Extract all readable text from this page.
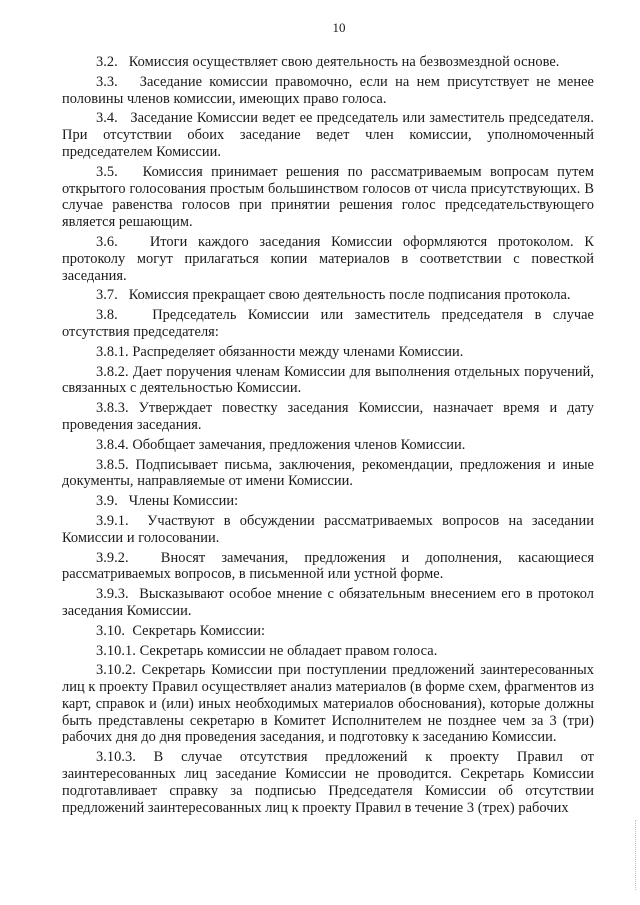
10

3.2.   Комиссия осуществляет свою деятельность на безвозмездной основе.

3.3.   Заседание комиссии правомочно, если на нем присутствует не менее половины членов комиссии, имеющих право голоса.

3.4.   Заседание Комиссии ведет ее председатель или заместитель председателя. При отсутствии обоих заседание ведет член комиссии, уполномоченный председателем Комиссии.

3.5.   Комиссия принимает решения по рассматриваемым вопросам путем открытого голосования простым большинством голосов от числа присутствующих. В случае равенства голосов при принятии решения голос председательствующего является решающим.

3.6.   Итоги каждого заседания Комиссии оформляются протоколом. К протоколу могут прилагаться копии материалов в соответствии с повесткой заседания.

3.7.   Комиссия прекращает свою деятельность после подписания протокола.

3.8.   Председатель Комиссии или заместитель председателя в случае отсутствия председателя:

3.8.1. Распределяет обязанности между членами Комиссии.

3.8.2. Дает поручения членам Комиссии для выполнения отдельных поручений, связанных с деятельностью Комиссии.

3.8.3. Утверждает повестку заседания Комиссии, назначает время и дату проведения заседания.

3.8.4. Обобщает замечания, предложения членов Комиссии.

3.8.5. Подписывает письма, заключения, рекомендации, предложения и иные документы, направляемые от имени Комиссии.

3.9.   Члены Комиссии:

3.9.1.  Участвуют в обсуждении рассматриваемых вопросов на заседании Комиссии и голосовании.

3.9.2.  Вносят замечания, предложения и дополнения, касающиеся рассматриваемых вопросов, в письменной или устной форме.

3.9.3.  Высказывают особое мнение с обязательным внесением его в протокол заседания Комиссии.

3.10.  Секретарь Комиссии:

3.10.1. Секретарь комиссии не обладает правом голоса.

3.10.2. Секретарь Комиссии при поступлении предложений заинтересованных лиц к проекту Правил осуществляет анализ материалов (в форме схем, фрагментов из карт, справок и (или) иных необходимых материалов обоснования), которые должны быть представлены секретарю в Комитет Исполнителем не позднее чем за 3 (три) рабочих дня до дня проведения заседания, и подготовку к заседанию Комиссии.

3.10.3. В случае отсутствия предложений к проекту Правил от заинтересованных лиц заседание Комиссии не проводится. Секретарь Комиссии подготавливает справку за подписью Председателя Комиссии об отсутствии предложений заинтересованных лиц к проекту Правил в течение 3 (трех) рабочих
